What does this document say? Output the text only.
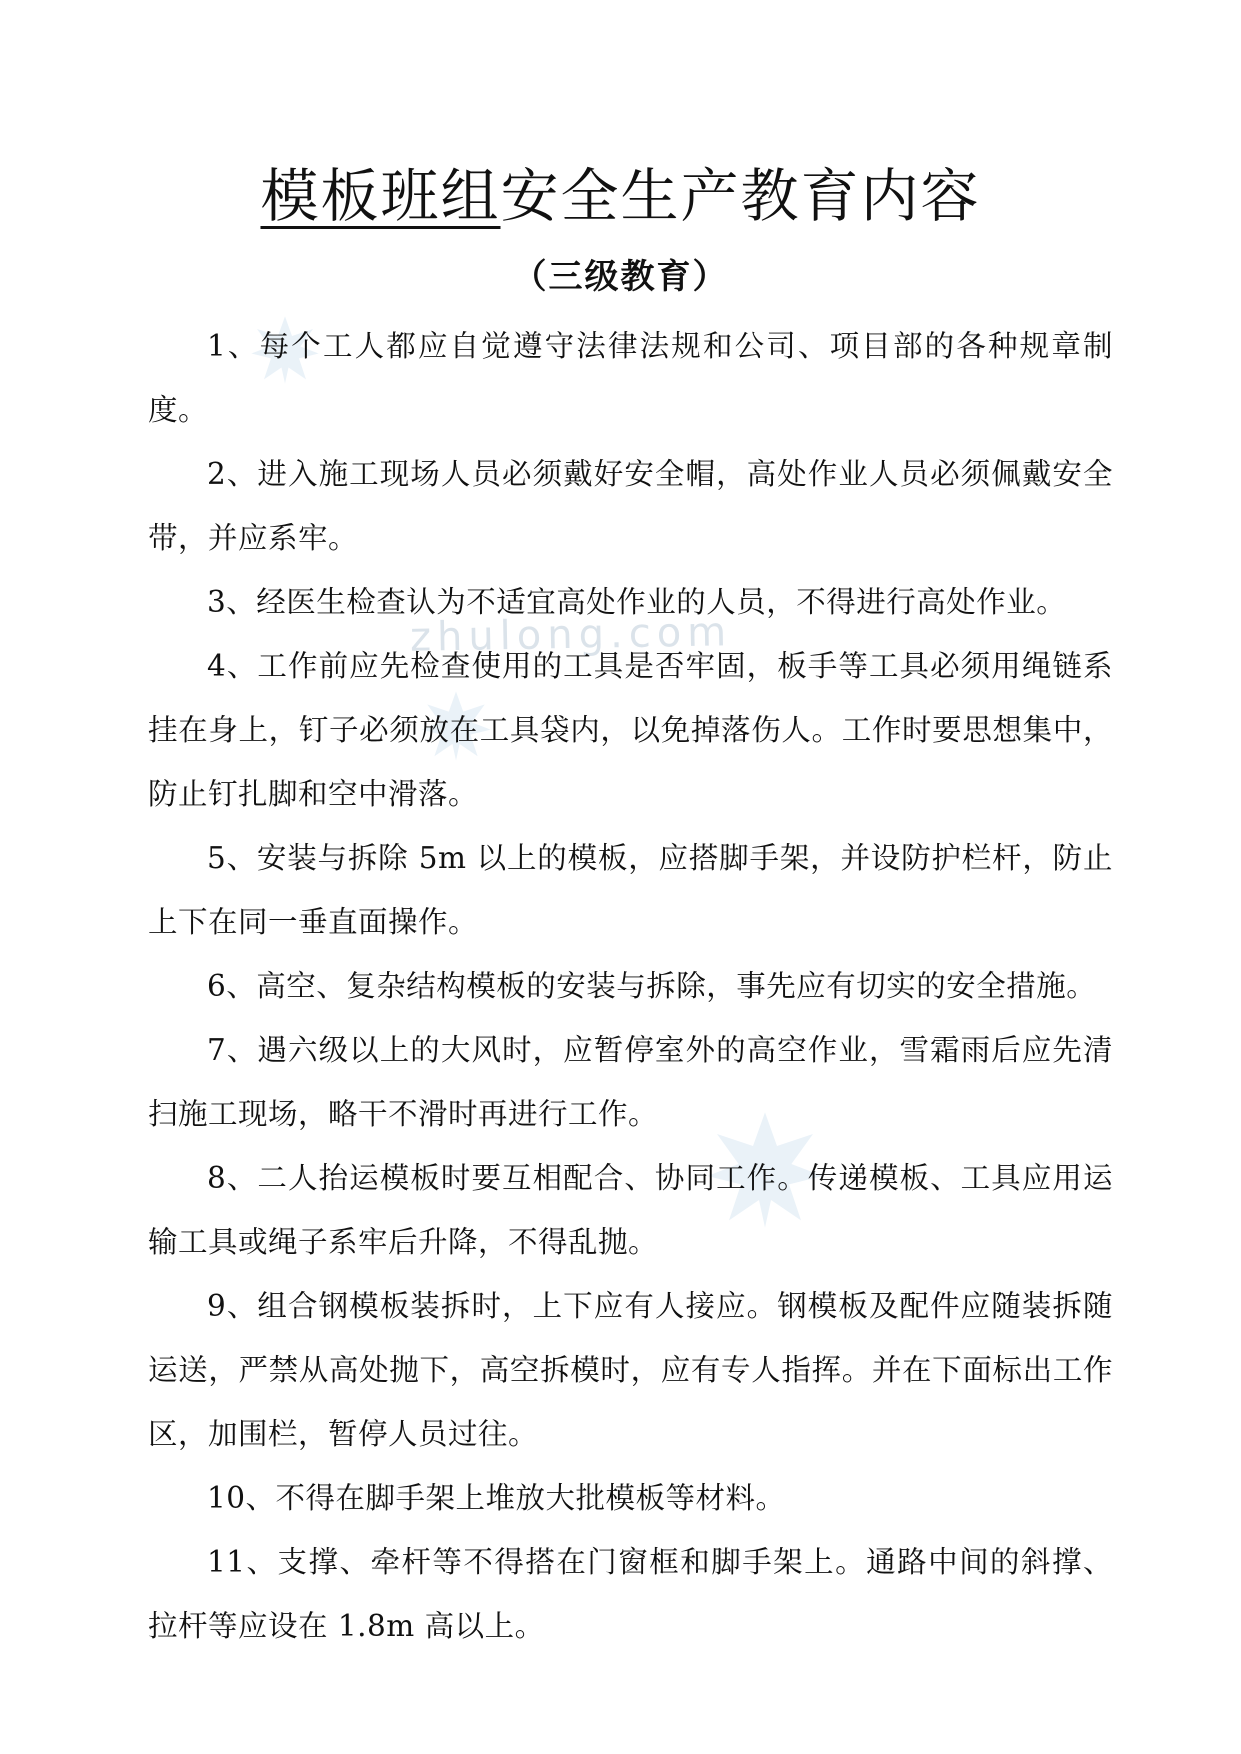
zhulong.com
模板班组安全生产教育内容
（三级教育）

1、每个工人都应自觉遵守法律法规和公司、项目部的各种规章制度。

2、进入施工现场人员必须戴好安全帽，高处作业人员必须佩戴安全带，并应系牢。

3、经医生检查认为不适宜高处作业的人员，不得进行高处作业。

4、工作前应先检查使用的工具是否牢固，板手等工具必须用绳链系挂在身上，钉子必须放在工具袋内，以免掉落伤人。工作时要思想集中，防止钉扎脚和空中滑落。

5、安装与拆除 5m 以上的模板，应搭脚手架，并设防护栏杆，防止上下在同一垂直面操作。

6、高空、复杂结构模板的安装与拆除，事先应有切实的安全措施。

7、遇六级以上的大风时，应暂停室外的高空作业，雪霜雨后应先清扫施工现场，略干不滑时再进行工作。

8、二人抬运模板时要互相配合、协同工作。传递模板、工具应用运输工具或绳子系牢后升降，不得乱抛。

9、组合钢模板装拆时，上下应有人接应。钢模板及配件应随装拆随运送，严禁从高处抛下，高空拆模时，应有专人指挥。并在下面标出工作区，加围栏，暂停人员过往。

10、不得在脚手架上堆放大批模板等材料。

11、支撑、牵杆等不得搭在门窗框和脚手架上。通路中间的斜撑、拉杆等应设在 1.8m 高以上。
